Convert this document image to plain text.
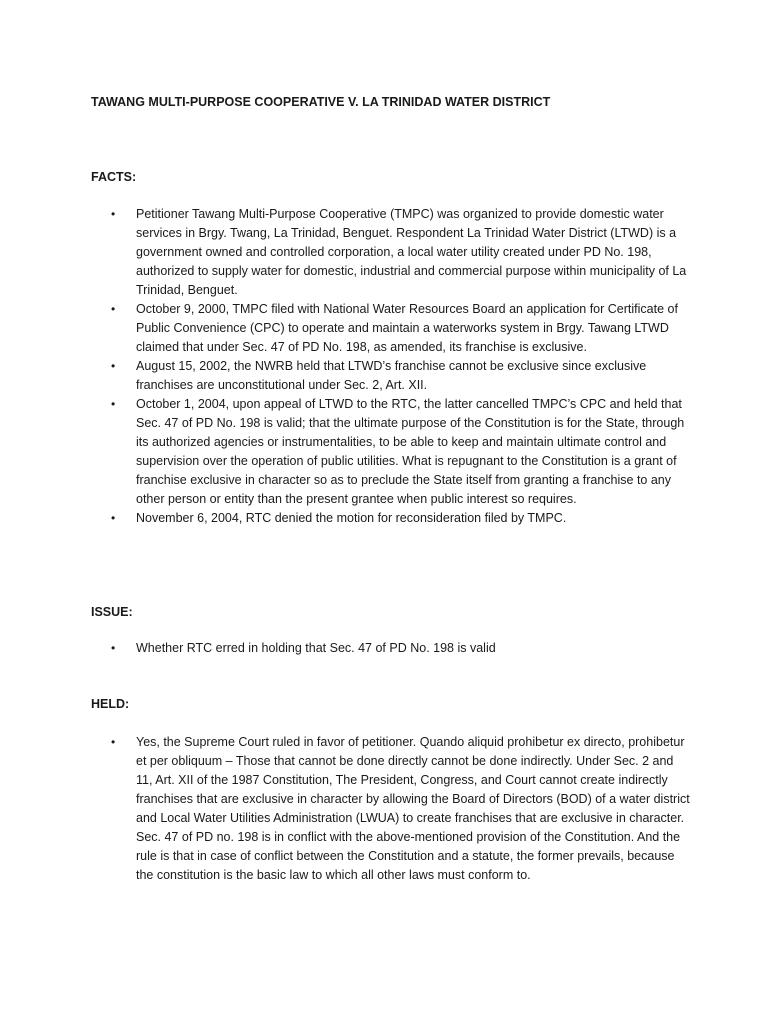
TAWANG MULTI-PURPOSE COOPERATIVE V. LA TRINIDAD WATER DISTRICT
FACTS:
• Petitioner Tawang Multi-Purpose Cooperative (TMPC) was organized to provide domestic water services in Brgy. Twang, La Trinidad, Benguet. Respondent La Trinidad Water District (LTWD) is a government owned and controlled corporation, a local water utility created under PD No. 198, authorized to supply water for domestic, industrial and commercial purpose within municipality of La Trinidad, Benguet.
• October 9, 2000, TMPC filed with National Water Resources Board an application for Certificate of Public Convenience (CPC) to operate and maintain a waterworks system in Brgy. Tawang LTWD claimed that under Sec. 47 of PD No. 198, as amended, its franchise is exclusive.
• August 15, 2002, the NWRB held that LTWD’s franchise cannot be exclusive since exclusive franchises are unconstitutional under Sec. 2, Art. XII.
• October 1, 2004, upon appeal of LTWD to the RTC, the latter cancelled TMPC’s CPC and held that Sec. 47 of PD No. 198 is valid; that the ultimate purpose of the Constitution is for the State, through its authorized agencies or instrumentalities, to be able to keep and maintain ultimate control and supervision over the operation of public utilities. What is repugnant to the Constitution is a grant of franchise exclusive in character so as to preclude the State itself from granting a franchise to any other person or entity than the present grantee when public interest so requires.
• November 6, 2004, RTC denied the motion for reconsideration filed by TMPC.
ISSUE:
• Whether RTC erred in holding that Sec. 47 of PD No. 198 is valid
HELD:
• Yes, the Supreme Court ruled in favor of petitioner. Quando aliquid prohibetur ex directo, prohibetur et per obliquum – Those that cannot be done directly cannot be done indirectly. Under Sec. 2 and 11, Art. XII of the 1987 Constitution, The President, Congress, and Court cannot create indirectly franchises that are exclusive in character by allowing the Board of Directors (BOD) of a water district and Local Water Utilities Administration (LWUA) to create franchises that are exclusive in character. Sec. 47 of PD no. 198 is in conflict with the above-mentioned provision of the Constitution. And the rule is that in case of conflict between the Constitution and a statute, the former prevails, because the constitution is the basic law to which all other laws must conform to.
